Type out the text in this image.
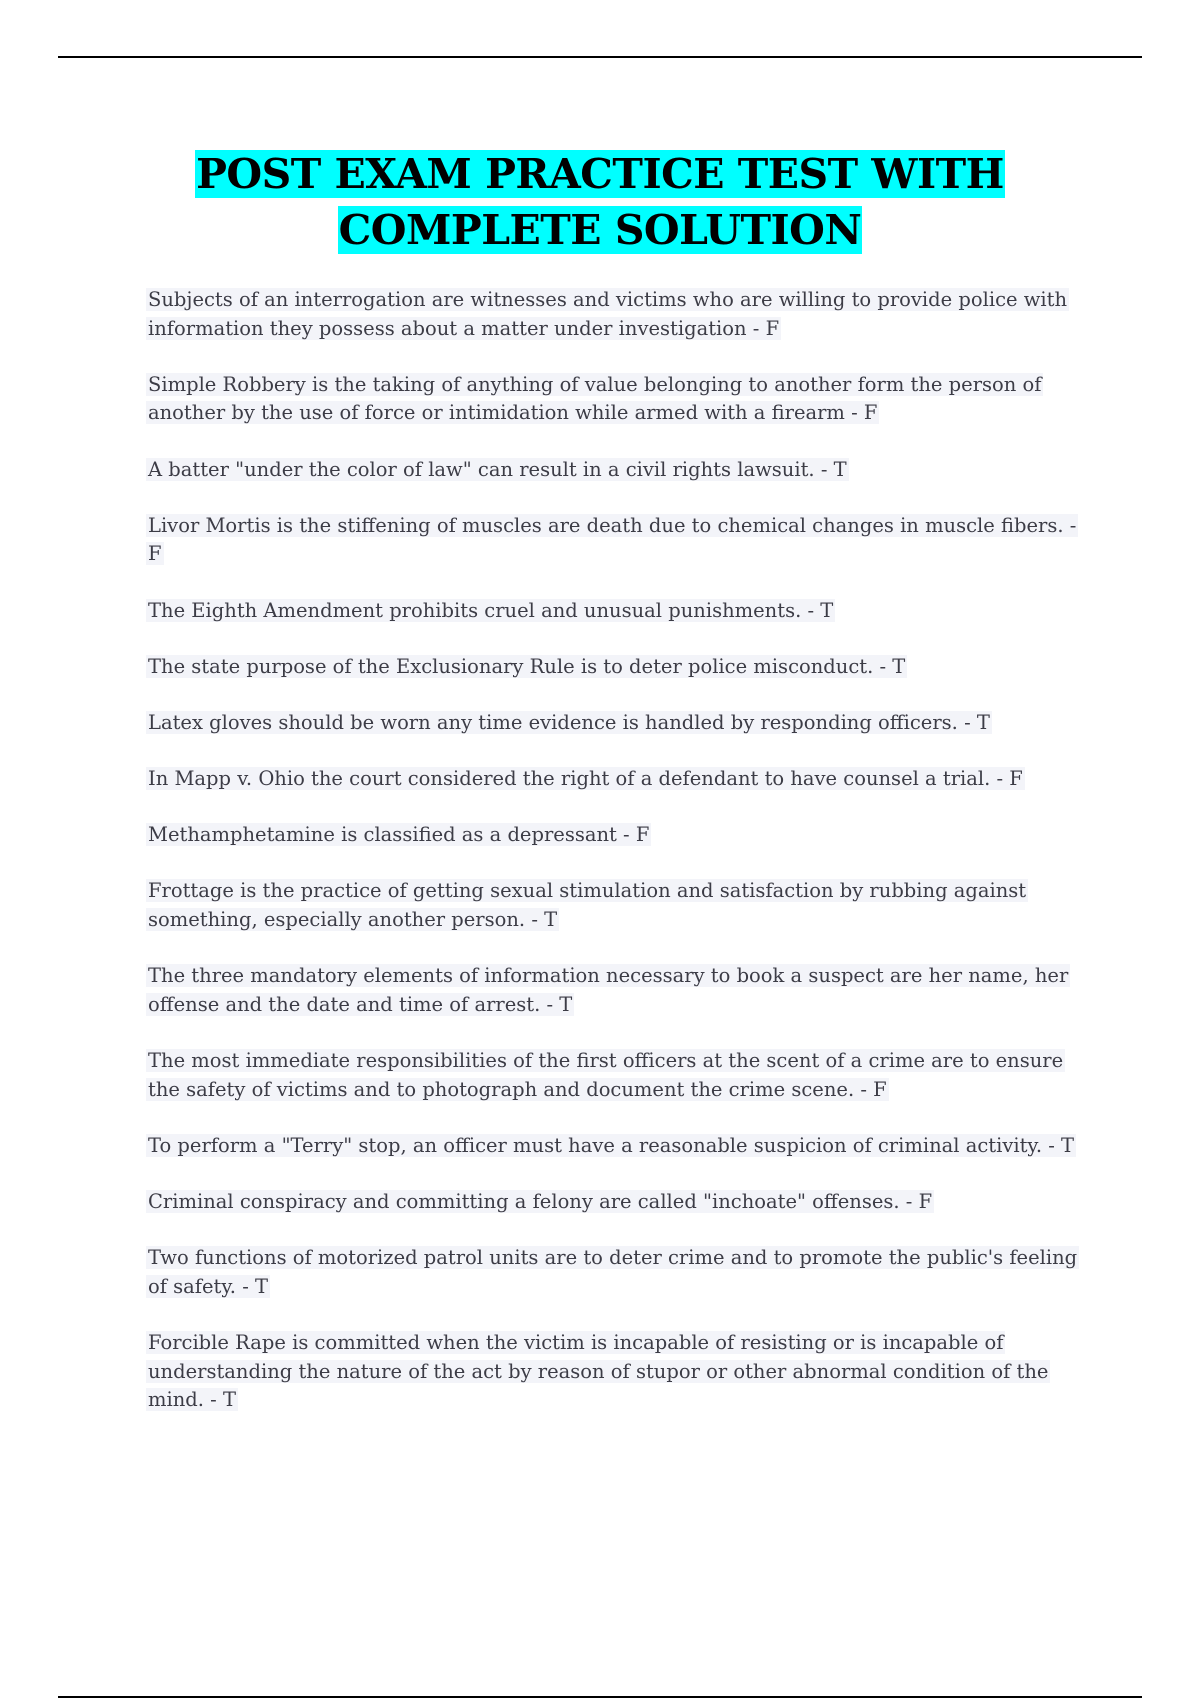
POST EXAM PRACTICE TEST WITH
COMPLETE SOLUTION
Subjects of an interrogation are witnesses and victims who are willing to provide police with information they possess about a matter under investigation - F
Simple Robbery is the taking of anything of value belonging to another form the person of another by the use of force or intimidation while armed with a firearm - F
A batter "under the color of law" can result in a civil rights lawsuit. - T
Livor Mortis is the stiffening of muscles are death due to chemical changes in muscle fibers. - F
The Eighth Amendment prohibits cruel and unusual punishments. - T
The state purpose of the Exclusionary Rule is to deter police misconduct. - T
Latex gloves should be worn any time evidence is handled by responding officers. - T
In Mapp v. Ohio the court considered the right of a defendant to have counsel a trial. - F
Methamphetamine is classified as a depressant - F
Frottage is the practice of getting sexual stimulation and satisfaction by rubbing against something, especially another person. - T
The three mandatory elements of information necessary to book a suspect are her name, her offense and the date and time of arrest. - T
The most immediate responsibilities of the first officers at the scent of a crime are to ensure the safety of victims and to photograph and document the crime scene. - F
To perform a "Terry" stop, an officer must have a reasonable suspicion of criminal activity. - T
Criminal conspiracy and committing a felony are called "inchoate" offenses. - F
Two functions of motorized patrol units are to deter crime and to promote the public's feeling of safety. - T
Forcible Rape is committed when the victim is incapable of resisting or is incapable of understanding the nature of the act by reason of stupor or other abnormal condition of the mind. - T
